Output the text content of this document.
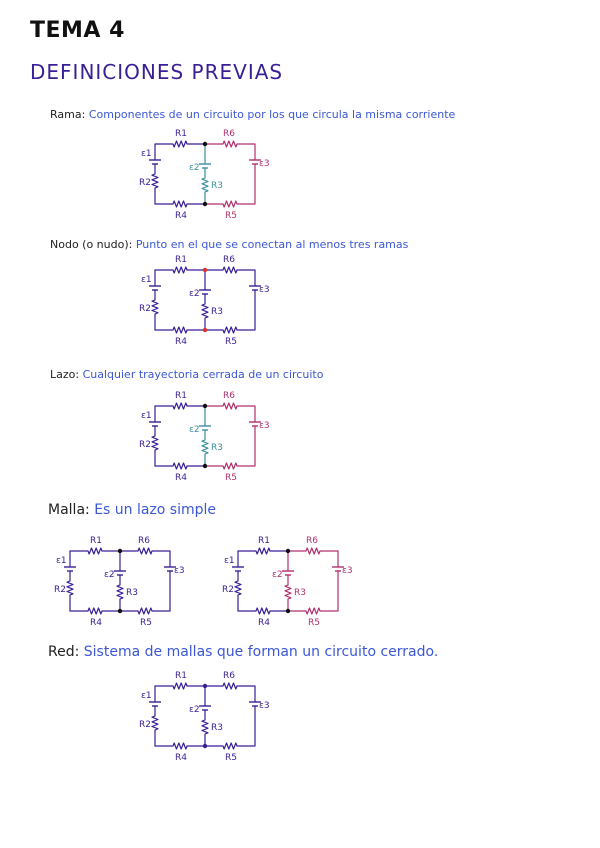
TEMA 4
DEFINICIONES PREVIAS
Rama: Componentes de un circuito por los que circula la misma corriente
Nodo (o nudo): Punto en el que se conectan al menos tres ramas
Lazo: Cualquier trayectoria cerrada de un circuito
Malla: Es un lazo simple
Red: Sistema de mallas que forman un circuito cerrado.
R1	R6
ε1
R2
ε2
R3
ε3
R4	R5
R1	R6
ε1
R2
ε2
R3
ε3
R4	R5
R1	R6
ε1
R2
ε2
R3
ε3
R4	R5
R1	R6
ε1
R2
ε2
R3
ε3
R4	R5
R1	R6
ε1
R2
ε2
R3
ε3
R4	R5
R1	R6
ε1
R2
ε2
R3
ε3
R4	R5
